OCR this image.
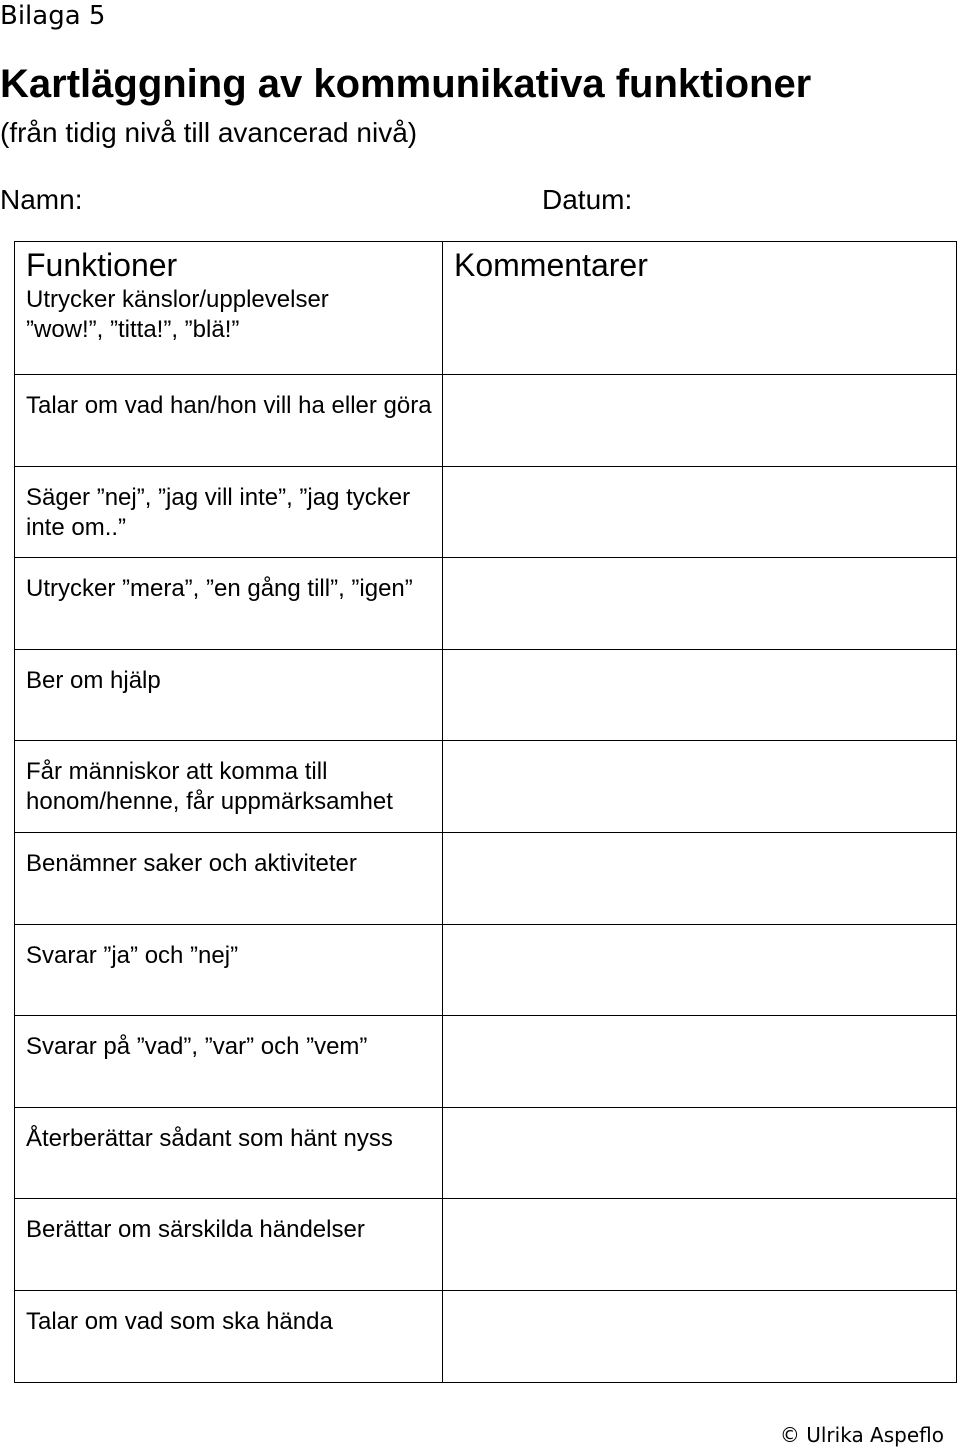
Bilaga 5
Kartläggning av kommunikativa funktioner
(från tidig nivå till avancerad nivå)
Namn:	Datum:
Funktioner
Utrycker känslor/upplevelser
”wow!”, ”titta!”, ”blä!”	Kommentarer

Talar om vad han/hon vill ha eller göra	

Säger ”nej”, ”jag vill inte”, ”jag tycker inte om..”	

Utrycker ”mera”, ”en gång till”, ”igen”	

Ber om hjälp	

Får människor att komma till honom/henne, får uppmärksamhet	

Benämner saker och aktiviteter	

Svarar ”ja” och ”nej”	

Svarar på ”vad”, ”var” och ”vem”	

Återberättar sådant som hänt nyss	

Berättar om särskilda händelser	

Talar om vad som ska hända	

© Ulrika Aspeflo
